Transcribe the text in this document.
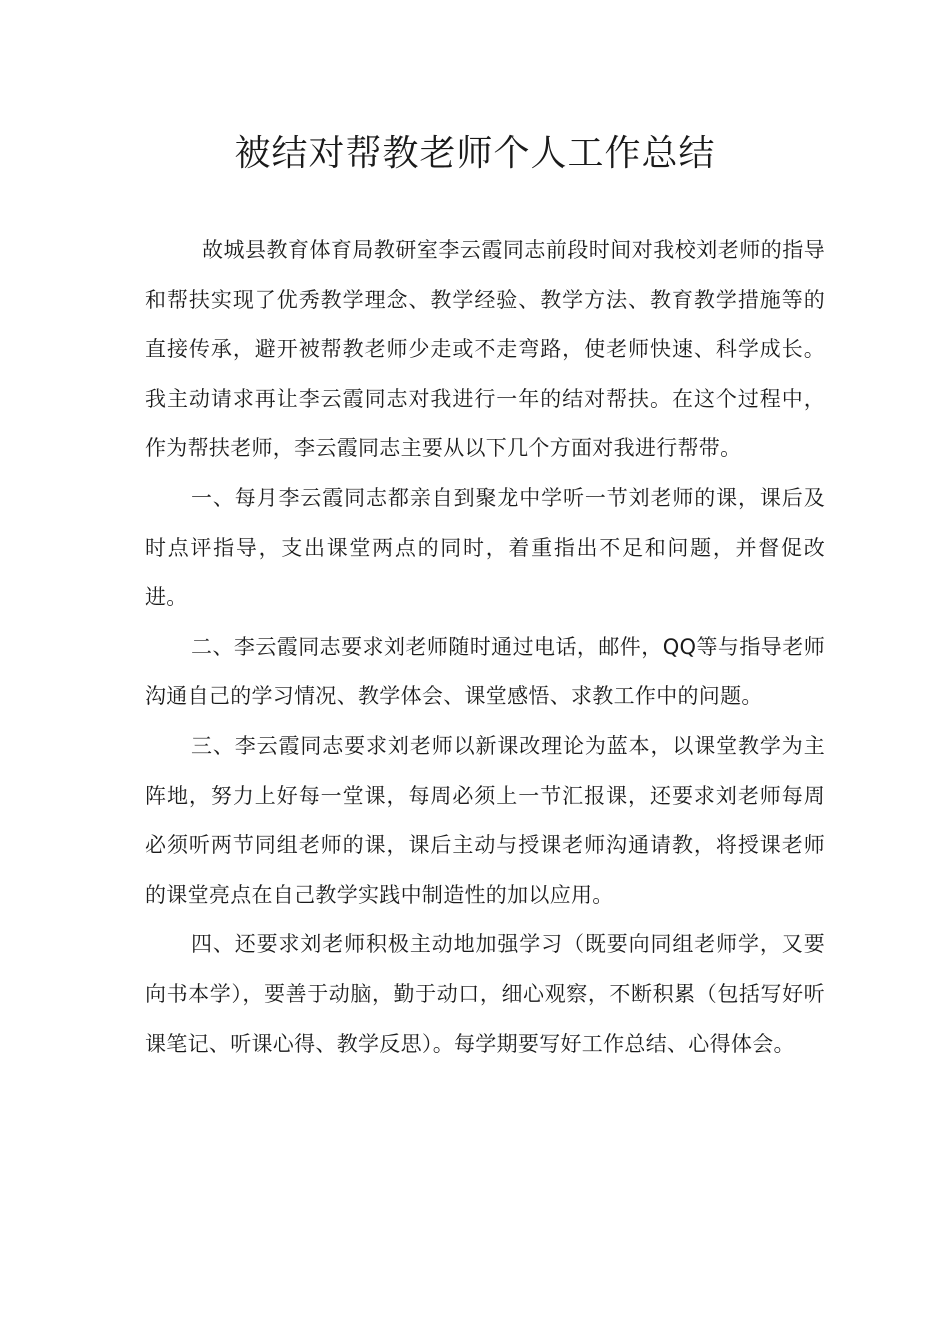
被结对帮教老师个人工作总结

故城县教育体育局教研室李云霞同志前段时间对我校刘老师的指导和帮扶实现了优秀教学理念、教学经验、教学方法、教育教学措施等的直接传承，避开被帮教老师少走或不走弯路，使老师快速、科学成长。我主动请求再让李云霞同志对我进行一年的结对帮扶。在这个过程中，作为帮扶老师，李云霞同志主要从以下几个方面对我进行帮带。

一、每月李云霞同志都亲自到聚龙中学听一节刘老师的课，课后及时点评指导，支出课堂两点的同时，着重指出不足和问题，并督促改进。

二、李云霞同志要求刘老师随时通过电话，邮件，QQ等与指导老师沟通自己的学习情况、教学体会、课堂感悟、求教工作中的问题。

三、李云霞同志要求刘老师以新课改理论为蓝本，以课堂教学为主阵地，努力上好每一堂课，每周必须上一节汇报课，还要求刘老师每周必须听两节同组老师的课，课后主动与授课老师沟通请教，将授课老师的课堂亮点在自己教学实践中制造性的加以应用。

四、还要求刘老师积极主动地加强学习（既要向同组老师学，又要向书本学），要善于动脑，勤于动口，细心观察，不断积累（包括写好听课笔记、听课心得、教学反思）。每学期要写好工作总结、心得体会。
